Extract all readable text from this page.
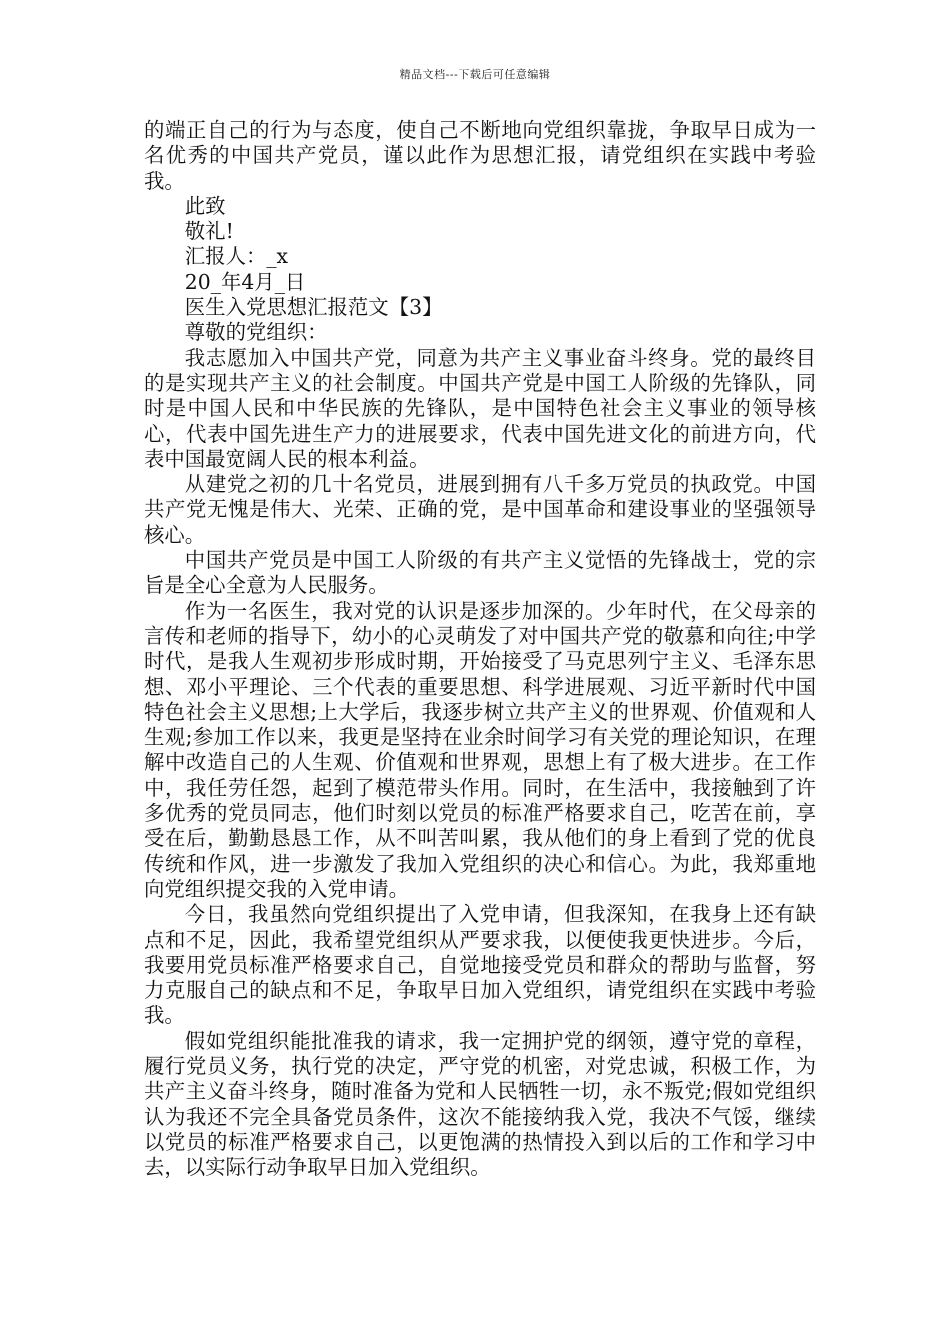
精品文档---下载后可任意编辑

的端正自己的行为与态度，使自己不断地向党组织靠拢，争取早日成为一名优秀的中国共产党员，谨以此作为思想汇报，请党组织在实践中考验我。

此致

敬礼!

汇报人：_x

20_年4月_日

医生入党思想汇报范文【3】

尊敬的党组织：

我志愿加入中国共产党，同意为共产主义事业奋斗终身。党的最终目的是实现共产主义的社会制度。中国共产党是中国工人阶级的先锋队，同时是中国人民和中华民族的先锋队，是中国特色社会主义事业的领导核心，代表中国先进生产力的进展要求，代表中国先进文化的前进方向，代表中国最宽阔人民的根本利益。

从建党之初的几十名党员，进展到拥有八千多万党员的执政党。中国共产党无愧是伟大、光荣、正确的党，是中国革命和建设事业的坚强领导核心。

中国共产党员是中国工人阶级的有共产主义觉悟的先锋战士，党的宗旨是全心全意为人民服务。

作为一名医生，我对党的认识是逐步加深的。少年时代，在父母亲的言传和老师的指导下，幼小的心灵萌发了对中国共产党的敬慕和向往;中学时代，是我人生观初步形成时期，开始接受了马克思列宁主义、毛泽东思想、邓小平理论、三个代表的重要思想、科学进展观、习近平新时代中国特色社会主义思想;上大学后，我逐步树立共产主义的世界观、价值观和人生观;参加工作以来，我更是坚持在业余时间学习有关党的理论知识，在理解中改造自己的人生观、价值观和世界观，思想上有了极大进步。在工作中，我任劳任怨，起到了模范带头作用。同时，在生活中，我接触到了许多优秀的党员同志，他们时刻以党员的标准严格要求自己，吃苦在前，享受在后，勤勤恳恳工作，从不叫苦叫累，我从他们的身上看到了党的优良传统和作风，进一步激发了我加入党组织的决心和信心。为此，我郑重地向党组织提交我的入党申请。

今日，我虽然向党组织提出了入党申请，但我深知，在我身上还有缺点和不足，因此，我希望党组织从严要求我，以便使我更快进步。今后，我要用党员标准严格要求自己，自觉地接受党员和群众的帮助与监督，努力克服自己的缺点和不足，争取早日加入党组织，请党组织在实践中考验我。

假如党组织能批准我的请求，我一定拥护党的纲领，遵守党的章程，履行党员义务，执行党的决定，严守党的机密，对党忠诚，积极工作，为共产主义奋斗终身，随时准备为党和人民牺牲一切，永不叛党;假如党组织认为我还不完全具备党员条件，这次不能接纳我入党，我决不气馁，继续以党员的标准严格要求自己，以更饱满的热情投入到以后的工作和学习中去，以实际行动争取早日加入党组织。
